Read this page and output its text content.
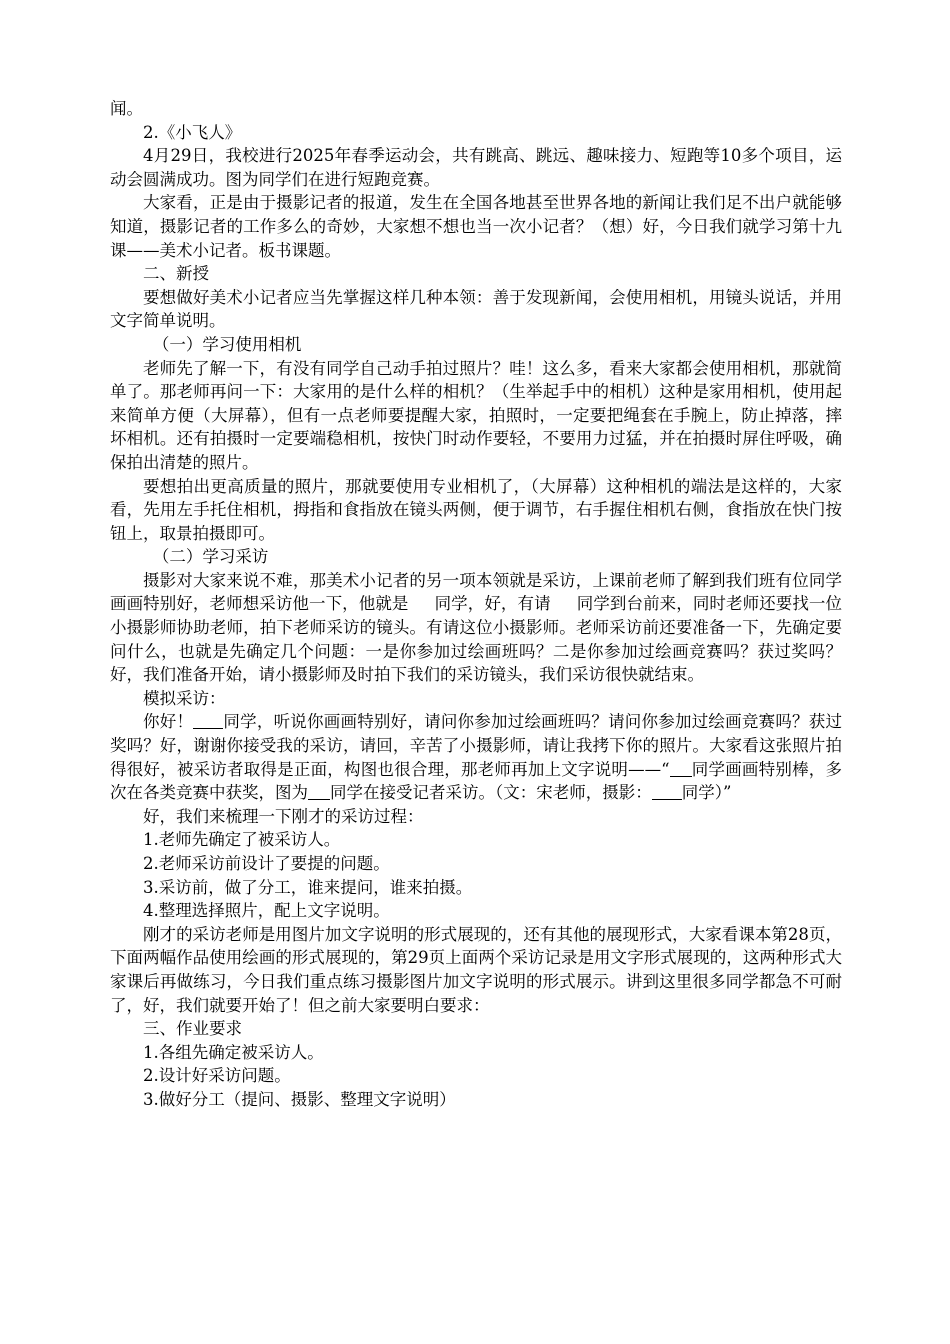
闻。

2.《小飞人》

4月29日，我校进行2025年春季运动会，共有跳高、跳远、趣味接力、短跑等10多个项目，运动会圆满成功。图为同学们在进行短跑竞赛。

大家看，正是由于摄影记者的报道，发生在全国各地甚至世界各地的新闻让我们足不出户就能够知道，摄影记者的工作多么的奇妙，大家想不想也当一次小记者？（想）好，今日我们就学习第十九课——美术小记者。板书课题。

二、新授

要想做好美术小记者应当先掌握这样几种本领：善于发现新闻，会使用相机，用镜头说话，并用文字简单说明。

（一）学习使用相机

老师先了解一下，有没有同学自己动手拍过照片？哇！这么多，看来大家都会使用相机，那就简单了。那老师再问一下：大家用的是什么样的相机？（生举起手中的相机）这种是家用相机，使用起来简单方便（大屏幕），但有一点老师要提醒大家，拍照时，一定要把绳套在手腕上，防止掉落，摔坏相机。还有拍摄时一定要端稳相机，按快门时动作要轻，不要用力过猛，并在拍摄时屏住呼吸，确保拍出清楚的照片。

要想拍出更高质量的照片，那就要使用专业相机了，（大屏幕）这种相机的端法是这样的，大家看，先用左手托住相机，拇指和食指放在镜头两侧，便于调节，右手握住相机右侧，食指放在快门按钮上，取景拍摄即可。

（二）学习采访

摄影对大家来说不难，那美术小记者的另一项本领就是采访，上课前老师了解到我们班有位同学画画特别好，老师想采访他一下，他就是 同学，好，有请 同学到台前来，同时老师还要找一位小摄影师协助老师，拍下老师采访的镜头。有请这位小摄影师。老师采访前还要准备一下，先确定要问什么，也就是先确定几个问题：一是你参加过绘画班吗？二是你参加过绘画竞赛吗？获过奖吗？好，我们准备开始，请小摄影师及时拍下我们的采访镜头，我们采访很快就结束。

模拟采访：

你好！ 同学，听说你画画特别好，请问你参加过绘画班吗？请问你参加过绘画竞赛吗？获过奖吗？好，谢谢你接受我的采访，请回，辛苦了小摄影师，请让我拷下你的照片。大家看这张照片拍得很好，被采访者取得是正面，构图也很合理，那老师再加上文字说明——“ 同学画画特别棒，多次在各类竞赛中获奖，图为 同学在接受记者采访。（文：宋老师，摄影： 同学）”

好，我们来梳理一下刚才的采访过程：

1.老师先确定了被采访人。

2.老师采访前设计了要提的问题。

3.采访前，做了分工，谁来提问，谁来拍摄。

4.整理选择照片，配上文字说明。

刚才的采访老师是用图片加文字说明的形式展现的，还有其他的展现形式，大家看课本第28页，下面两幅作品使用绘画的形式展现的，第29页上面两个采访记录是用文字形式展现的，这两种形式大家课后再做练习，今日我们重点练习摄影图片加文字说明的形式展示。讲到这里很多同学都急不可耐了，好，我们就要开始了！但之前大家要明白要求：

三、作业要求

1.各组先确定被采访人。

2.设计好采访问题。

3.做好分工（提问、摄影、整理文字说明）
